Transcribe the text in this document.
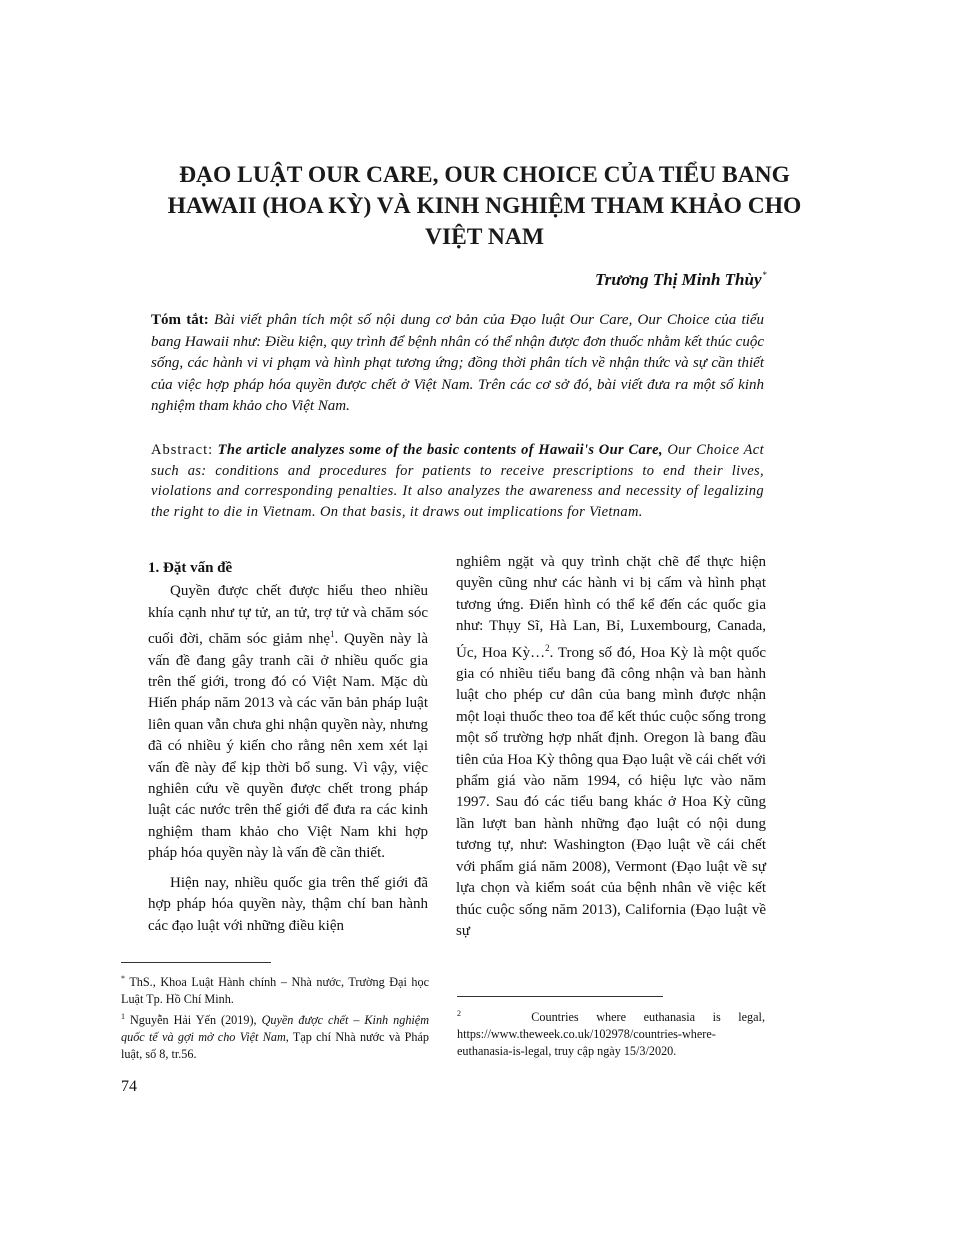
ĐẠO LUẬT OUR CARE, OUR CHOICE CỦA TIỂU BANG
HAWAII (HOA KỲ) VÀ KINH NGHIỆM THAM KHẢO CHO
VIỆT NAM
Trương Thị Minh Thùy*
Tóm tắt: Bài viết phân tích một số nội dung cơ bản của Đạo luật Our Care, Our Choice của tiểu bang Hawaii như: Điều kiện, quy trình để bệnh nhân có thể nhận được đơn thuốc nhằm kết thúc cuộc sống, các hành vi vi phạm và hình phạt tương ứng; đồng thời phân tích về nhận thức và sự cần thiết của việc hợp pháp hóa quyền được chết ở Việt Nam. Trên các cơ sở đó, bài viết đưa ra một số kinh nghiệm tham khảo cho Việt Nam.
Abstract: The article analyzes some of the basic contents of Hawaii's Our Care, Our Choice Act such as: conditions and procedures for patients to receive prescriptions to end their lives, violations and corresponding penalties. It also analyzes the awareness and necessity of legalizing the right to die in Vietnam. On that basis, it draws out implications for Vietnam.

1. Đặt vấn đề

Quyền được chết được hiểu theo nhiều khía cạnh như tự tử, an tử, trợ tử và chăm sóc cuối đời, chăm sóc giảm nhẹ$^1$. Quyền này là vấn đề đang gây tranh cãi ở nhiều quốc gia trên thế giới, trong đó có Việt Nam. Mặc dù Hiến pháp năm 2013 và các văn bản pháp luật liên quan vẫn chưa ghi nhận quyền này, nhưng đã có nhiều ý kiến cho rằng nên xem xét lại vấn đề này để kịp thời bổ sung. Vì vậy, việc nghiên cứu về quyền được chết trong pháp luật các nước trên thế giới để đưa ra các kinh nghiệm tham khảo cho Việt Nam khi hợp pháp hóa quyền này là vấn đề cần thiết.

Hiện nay, nhiều quốc gia trên thế giới đã hợp pháp hóa quyền này, thậm chí ban hành các đạo luật với những điều kiện

nghiêm ngặt và quy trình chặt chẽ để thực hiện quyền cũng như các hành vi bị cấm và hình phạt tương ứng. Điển hình có thể kể đến các quốc gia như: Thụy Sĩ, Hà Lan, Bỉ, Luxembourg, Canada, Úc, Hoa Kỳ…$^2$. Trong số đó, Hoa Kỳ là một quốc gia có nhiều tiểu bang đã công nhận và ban hành luật cho phép cư dân của bang mình được nhận một loại thuốc theo toa để kết thúc cuộc sống trong một số trường hợp nhất định. Oregon là bang đầu tiên của Hoa Kỳ thông qua Đạo luật về cái chết với phẩm giá vào năm 1994, có hiệu lực vào năm 1997. Sau đó các tiểu bang khác ở Hoa Kỳ cũng lần lượt ban hành những đạo luật có nội dung tương tự, như: Washington (Đạo luật về cái chết với phẩm giá năm 2008), Vermont (Đạo luật về sự lựa chọn và kiểm soát của bệnh nhân về việc kết thúc cuộc sống năm 2013), California (Đạo luật về sự

* ThS., Khoa Luật Hành chính – Nhà nước, Trường Đại học Luật Tp. Hồ Chí Minh.

$^1$ Nguyễn Hải Yến (2019), Quyền được chết – Kinh nghiệm quốc tế và gợi mở cho Việt Nam, Tạp chí Nhà nước và Pháp luật, số 8, tr.56.

$^2$	Countries where euthanasia is legal, https://www.theweek.co.uk/102978/countries-where-euthanasia-is-legal, truy cập ngày 15/3/2020.

74
